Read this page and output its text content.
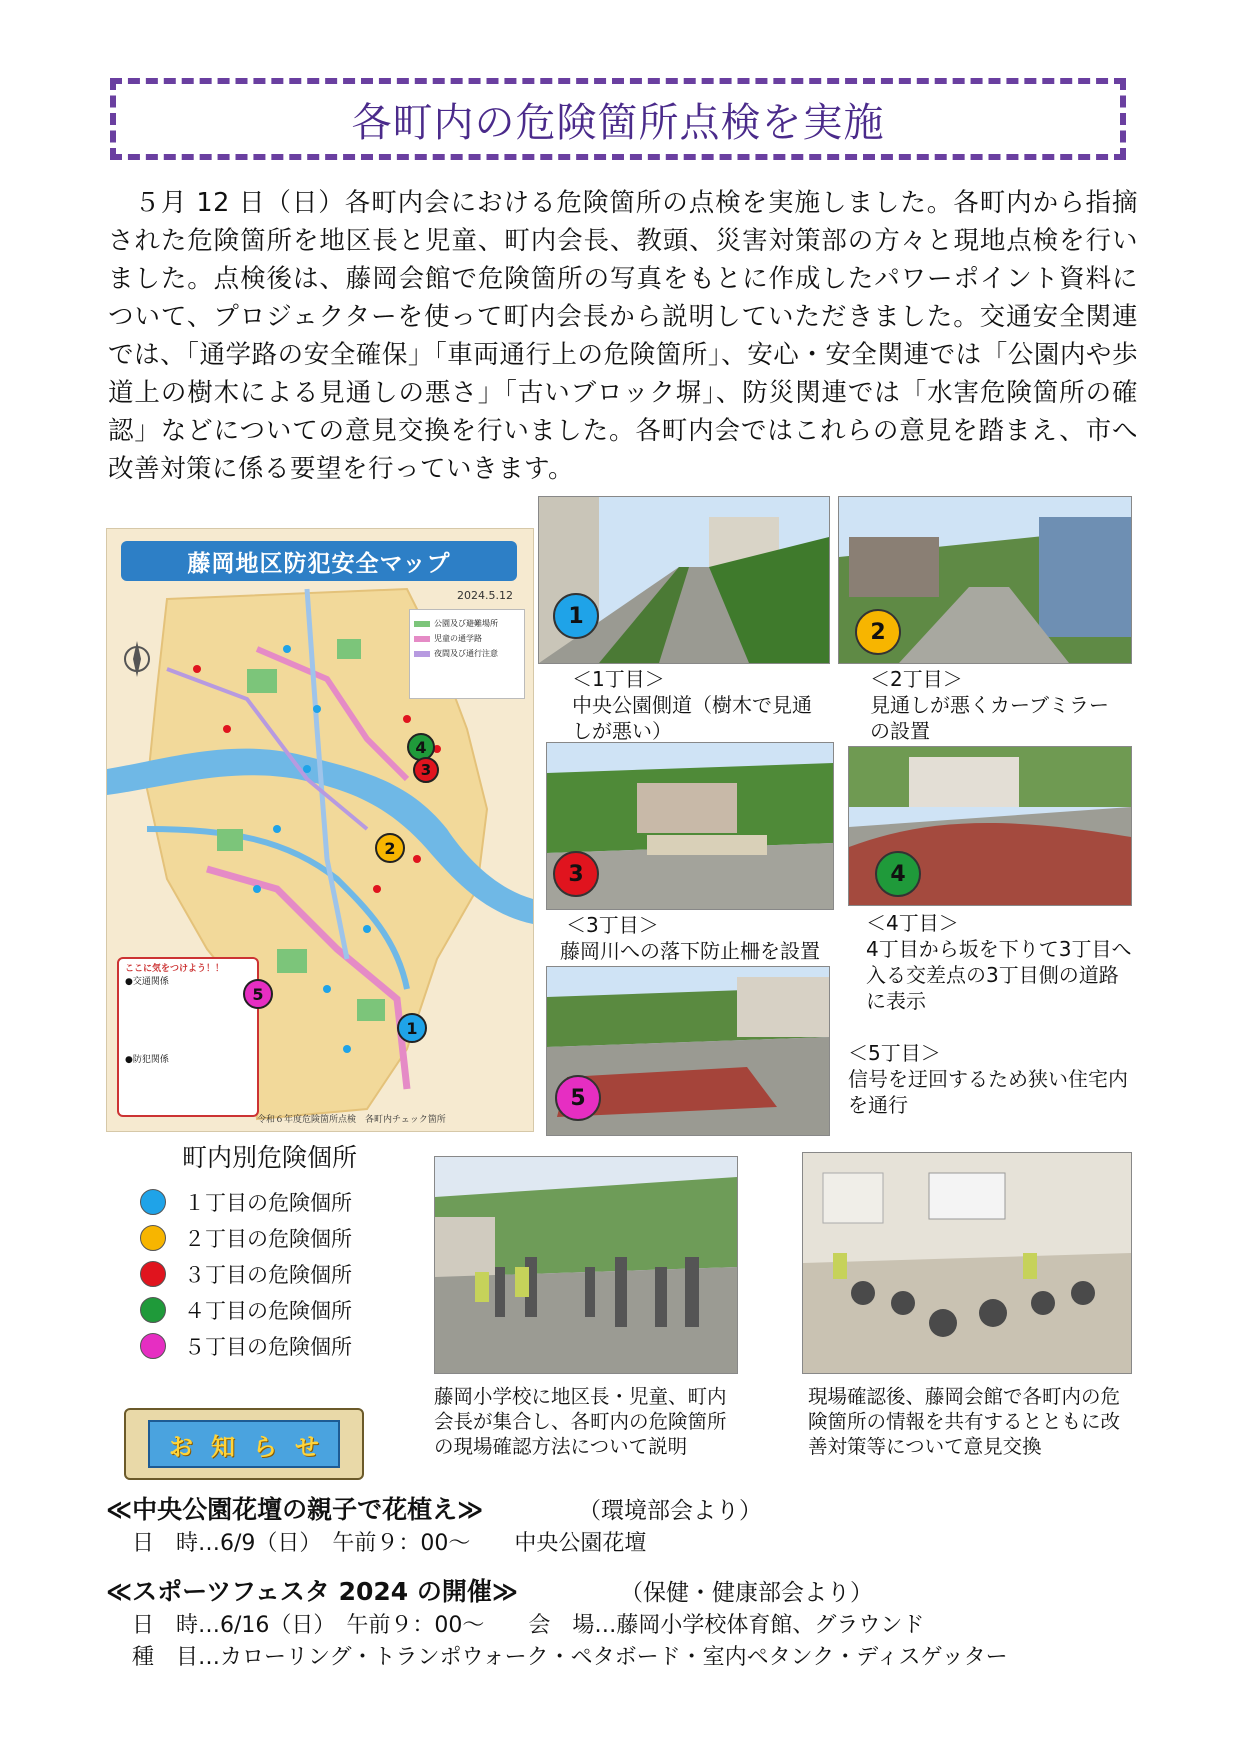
各町内の危険箇所点検を実施

　５月 12 日（日）各町内会における危険箇所の点検を実施しました。各町内から指摘された危険箇所を地区長と児童、町内会長、教頭、災害対策部の方々と現地点検を行いました。点検後は、藤岡会館で危険箇所の写真をもとに作成したパワーポイント資料について、プロジェクターを使って町内会長から説明していただきました。交通安全関連では、「通学路の安全確保」「車両通行上の危険箇所」、安心・安全関連では「公園内や歩道上の樹木による見通しの悪さ」「古いブロック塀」、防災関連では「水害危険箇所の確認」などについての意見交換を行いました。各町内会ではこれらの意見を踏まえ、市へ改善対策に係る要望を行っていきます。

藤岡地区防犯安全マップ
2024.5.12
公園及び避難場所
児童の通学路
夜間及び通行注意
ここに気をつけよう！！
●交通関係

●防犯関係
令和６年度危険箇所点検　各町内チェック箇所
4
3
2
1
5
1
＜1丁目＞
中央公園側道（樹木で見通しが悪い）
2
＜2丁目＞
見通しが悪くカーブミラーの設置
3
＜3丁目＞
藤岡川への落下防止柵を設置
4
＜4丁目＞
4丁目から坂を下りて3丁目へ入る交差点の3丁目側の道路に表示
5
＜5丁目＞
信号を迂回するため狭い住宅内を通行
町内別危険個所
１丁目の危険個所
２丁目の危険個所
３丁目の危険個所
４丁目の危険個所
５丁目の危険個所
藤岡小学校に地区長・児童、町内会長が集合し、各町内の危険箇所の現場確認方法について説明
現場確認後、藤岡会館で各町内の危険箇所の情報を共有するとともに改善対策等について意見交換
お 知 ら せ
≪中央公園花壇の親子で花植え≫	（環境部会より）
日　時…6/9（日）　午前９：00～　　中央公園花壇
≪スポーツフェスタ 2024 の開催≫	（保健・健康部会より）
日　時…6/16（日）　午前９：00～　　会　場…藤岡小学校体育館、グラウンド
種　目…カローリング・トランポウォーク・ペタボード・室内ペタンク・ディスゲッター
